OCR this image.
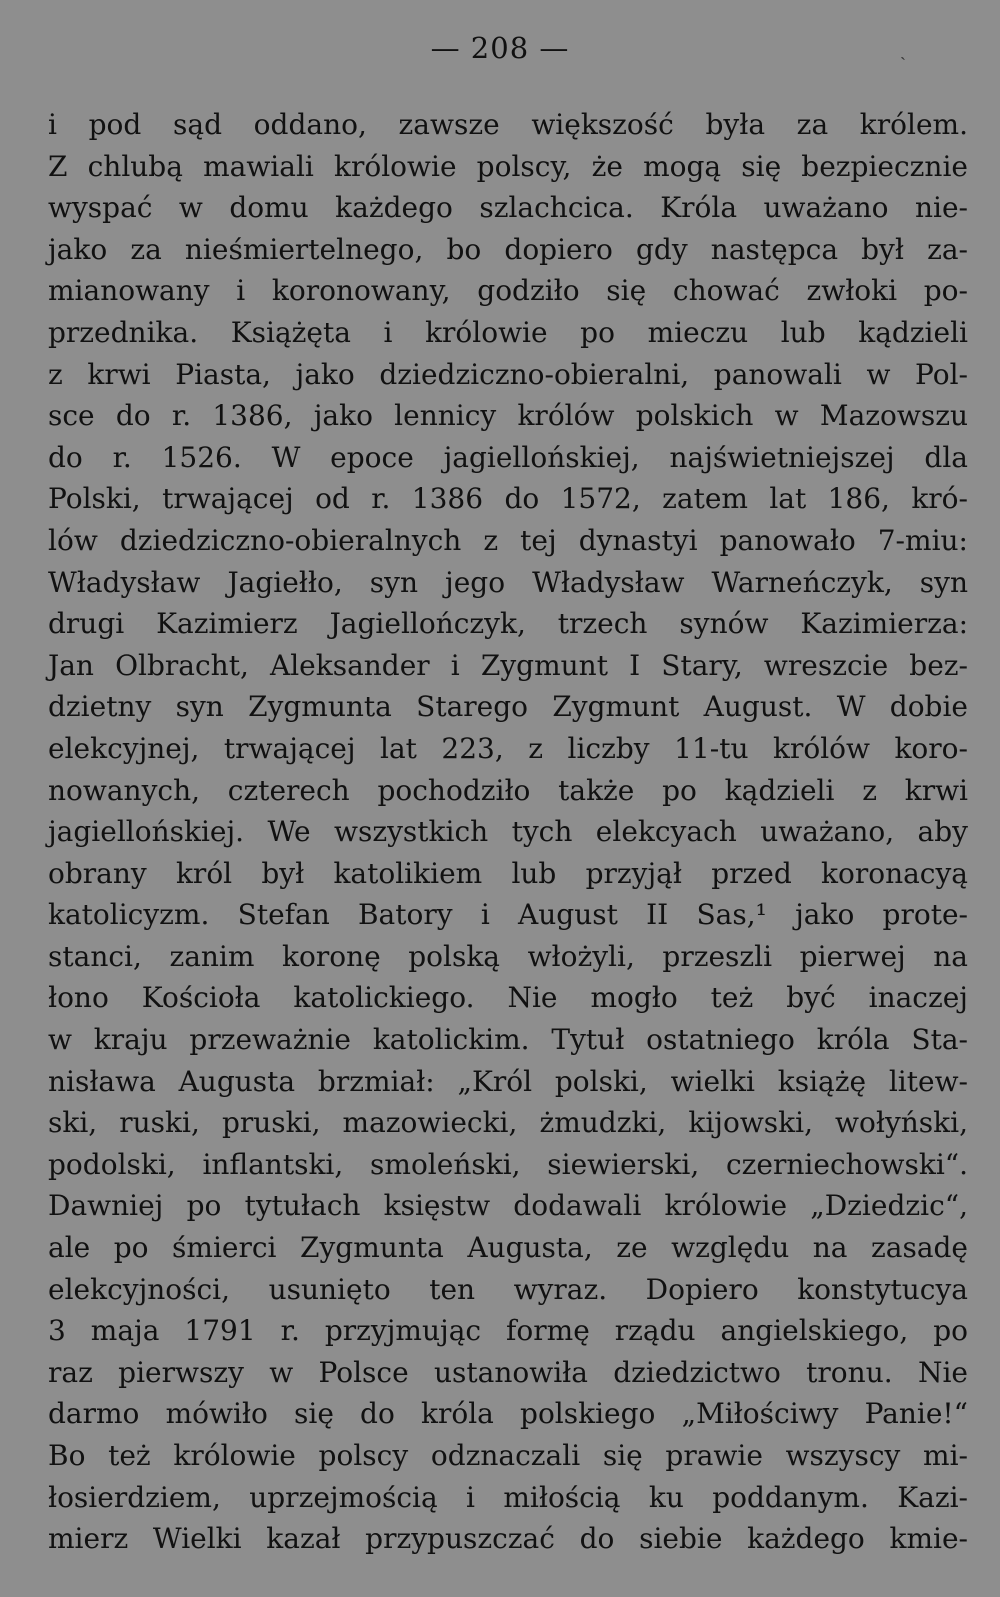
— 208 —	ˎ
i pod sąd oddano, zawsze większość była za królem.
Z chlubą mawiali królowie polscy, że mogą się bezpiecznie
wyspać w domu każdego szlachcica. Króla uważano nie-
jako za nieśmiertelnego, bo dopiero gdy następca był za-
mianowany i koronowany, godziło się chować zwłoki po-
przednika. Książęta i królowie po mieczu lub kądzieli
z krwi Piasta, jako dziedziczno-obieralni, panowali w Pol-
sce do r. 1386, jako lennicy królów polskich w Mazowszu
do r. 1526. W epoce jagiellońskiej, najświetniejszej dla
Polski, trwającej od r. 1386 do 1572, zatem lat 186, kró-
lów dziedziczno-obieralnych z tej dynastyi panowało 7-miu:
Władysław Jagiełło, syn jego Władysław Warneńczyk, syn
drugi Kazimierz Jagiellończyk, trzech synów Kazimierza:
Jan Olbracht, Aleksander i Zygmunt I Stary, wreszcie bez-
dzietny syn Zygmunta Starego Zygmunt August. W dobie
elekcyjnej, trwającej lat 223, z liczby 11-tu królów koro-
nowanych, czterech pochodziło także po kądzieli z krwi
jagiellońskiej. We wszystkich tych elekcyach uważano, aby
obrany król był katolikiem lub przyjął przed koronacyą
katolicyzm. Stefan Batory i August II Sas,¹ jako prote-
stanci, zanim koronę polską włożyli, przeszli pierwej na
łono Kościoła katolickiego. Nie mogło też być inaczej
w kraju przeważnie katolickim. Tytuł ostatniego króla Sta-
nisława Augusta brzmiał: „Król polski, wielki książę litew-
ski, ruski, pruski, mazowiecki, żmudzki, kijowski, wołyński,
podolski, inflantski, smoleński, siewierski, czerniechowski“.
Dawniej po tytułach księstw dodawali królowie „Dziedzic“,
ale po śmierci Zygmunta Augusta, ze względu na zasadę
elekcyjności, usunięto ten wyraz. Dopiero konstytucya
3 maja 1791 r. przyjmując formę rządu angielskiego, po
raz pierwszy w Polsce ustanowiła dziedzictwo tronu. Nie
darmo mówiło się do króla polskiego „Miłościwy Panie!“
Bo też królowie polscy odznaczali się prawie wszyscy mi-
łosierdziem, uprzejmością i miłością ku poddanym. Kazi-
mierz Wielki kazał przypuszczać do siebie każdego kmie-
